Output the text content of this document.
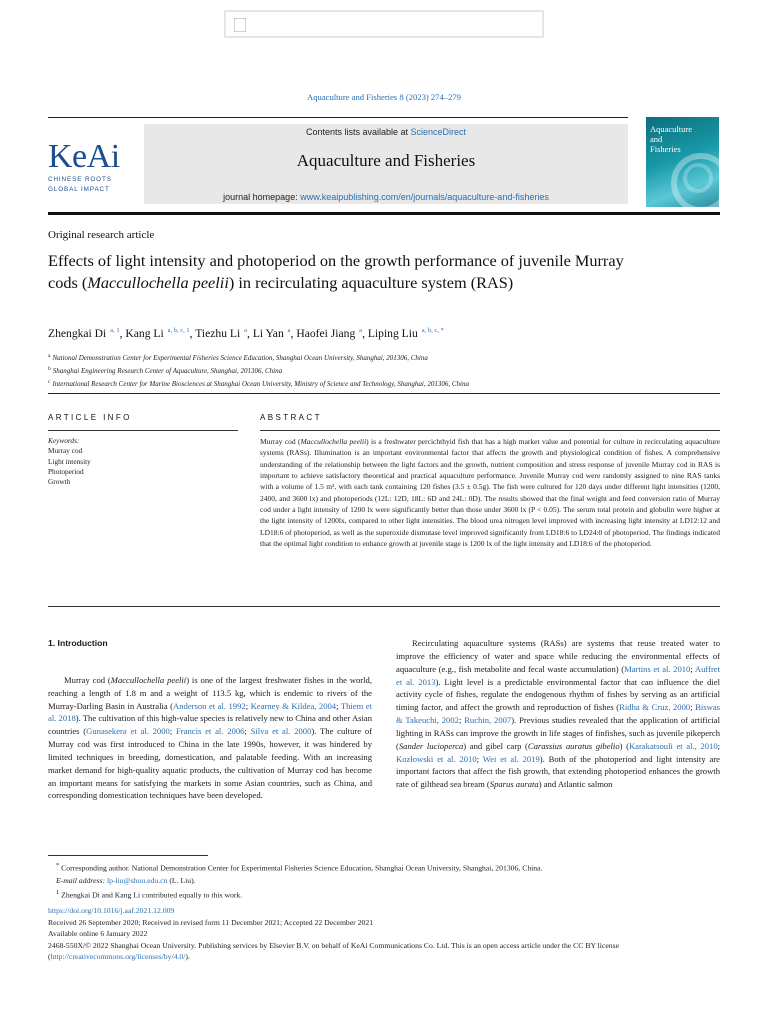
Aquaculture and Fisheries 8 (2023) 274–279
KeAi
CHINESE ROOTS
GLOBAL IMPACT
Contents lists available at ScienceDirect
Aquaculture and Fisheries
journal homepage: www.keaipublishing.com/en/journals/aquaculture-and-fisheries
Aquaculture
and
Fisheries
Original research article
Effects of light intensity and photoperiod on the growth performance of juvenile Murray cods (Maccullochella peelii) in recirculating aquaculture system (RAS)
Zhengkai Di $^{a, 1}$, Kang Li $^{a, b, c, 1}$, Tiezhu Li $^a$, Li Yan $^a$, Haofei Jiang $^a$, Liping Liu $^{a, b, c, *}$
$^a$ National Demonstration Center for Experimental Fisheries Science Education, Shanghai Ocean University, Shanghai, 201306, China
$^b$ Shanghai Engineering Research Center of Aquaculture, Shanghai, 201306, China
$^c$ International Research Center for Marine Biosciences at Shanghai Ocean University, Ministry of Science and Technology, Shanghai, 201306, China
ARTICLE INFO	ABSTRACT
Keywords:
Murray cod
Light intensity
Photoperiod
Growth
Murray cod (Maccullochella peelii) is a freshwater percichthyid fish that has a high market value and potential for culture in recirculating aquaculture systems (RASs). Illumination is an important environmental factor that affects the growth and physiological condition of fishes. A comprehensive understanding of the relationship between the light factors and the growth, nutrient composition and stress response of juvenile Murray cod in RAS is important to achieve satisfactory theoretical and practical aquaculture performance. Juvenile Murray cod were randomly assigned to nine RAS tanks with a volume of 1.5 m³, with each tank containing 120 fishes (3.5 ± 0.5g). The fish were cultured for 120 days under different light intensities (1200, 2400, and 3600 lx) and photoperiods (12L: 12D, 18L: 6D and 24L: 0D). The results showed that the final weight and feed conversion ratio of Murray cod under a light intensity of 1200 lx were significantly better than those under 3600 lx (P < 0.05). The serum total protein and globulin were higher at the light intensity of 1200lx, compared to other light intensities. The blood urea nitrogen level improved with increasing light intensity at LD12:12 and LD18:6 of photoperiod, as well as the superoxide dismutase level improved significantly from LD18:6 to LD24:0 of photoperiod. The findings indicated that the optimal light condition to enhance growth at juvenile stage is 1200 lx of the light intensity and LD18:6 of the photoperiod.
1. Introduction
Murray cod (Maccullochella peelii) is one of the largest freshwater fishes in the world, reaching a length of 1.8 m and a weight of 113.5 kg, which is endemic to rivers of the Murray-Darling Basin in Australia (Anderson et al. 1992; Kearney & Kildea, 2004; Thiem et al. 2018). The cultivation of this high-value species is relatively new to China and other Asian countries (Gunasekera et al. 2000; Francis et al. 2006; Silva et al. 2000). The culture of Murray cod was first introduced to China in the late 1990s, however, it was hindered by limited techniques in breeding, domestication, and palatable feeding. With an increasing market demand for high-quality aquatic products, the cultivation of Murray cod has become an important means for satisfying the markets in some Asian countries, such as China, and corresponding domestication techniques have been developed.
Recirculating aquaculture systems (RASs) are systems that reuse treated water to improve the efficiency of water and space while reducing the environmental effects of aquaculture (e.g., fish metabolite and fecal waste accumulation) (Martins et al. 2010; Auffret et al. 2013). Light level is a predictable environmental factor that can influence the diel activity cycle of fishes, regulate the endogenous rhythm of fishes by serving as an artificial timing factor, and affect the growth and reproduction of fishes (Ridha & Cruz, 2000; Biswas & Takeuchi, 2002; Ruchin, 2007). Previous studies revealed that the application of artificial lighting in RASs can improve the growth in life stages of finfishes, such as juvenile pikeperch (Sander lucioperca) and gibel carp (Carassius auratus gibelio) (Karakatsouli et al., 2010; Kozłowski et al. 2010; Wei et al. 2019). Both of the photoperiod and light intensity are important factors that affect the fish growth, that extending photoperiod enhances the growth rate of gilthead sea bream (Sparus aurata) and Atlantic salmon
* Corresponding author. National Demonstration Center for Experimental Fisheries Science Education, Shanghai Ocean University, Shanghai, 201306, China.
E-mail address: lp-liu@shou.edu.cn (L. Liu).
$^1$ Zhengkai Di and Kang Li contributed equally to this work.
https://doi.org/10.1016/j.aaf.2021.12.009
Received 26 September 2020; Received in revised form 11 December 2021; Accepted 22 December 2021
Available online 6 January 2022
2468-550X/© 2022 Shanghai Ocean University. Publishing services by Elsevier B.V. on behalf of KeAi Communications Co. Ltd. This is an open access article under the CC BY license (http://creativecommons.org/licenses/by/4.0/).
